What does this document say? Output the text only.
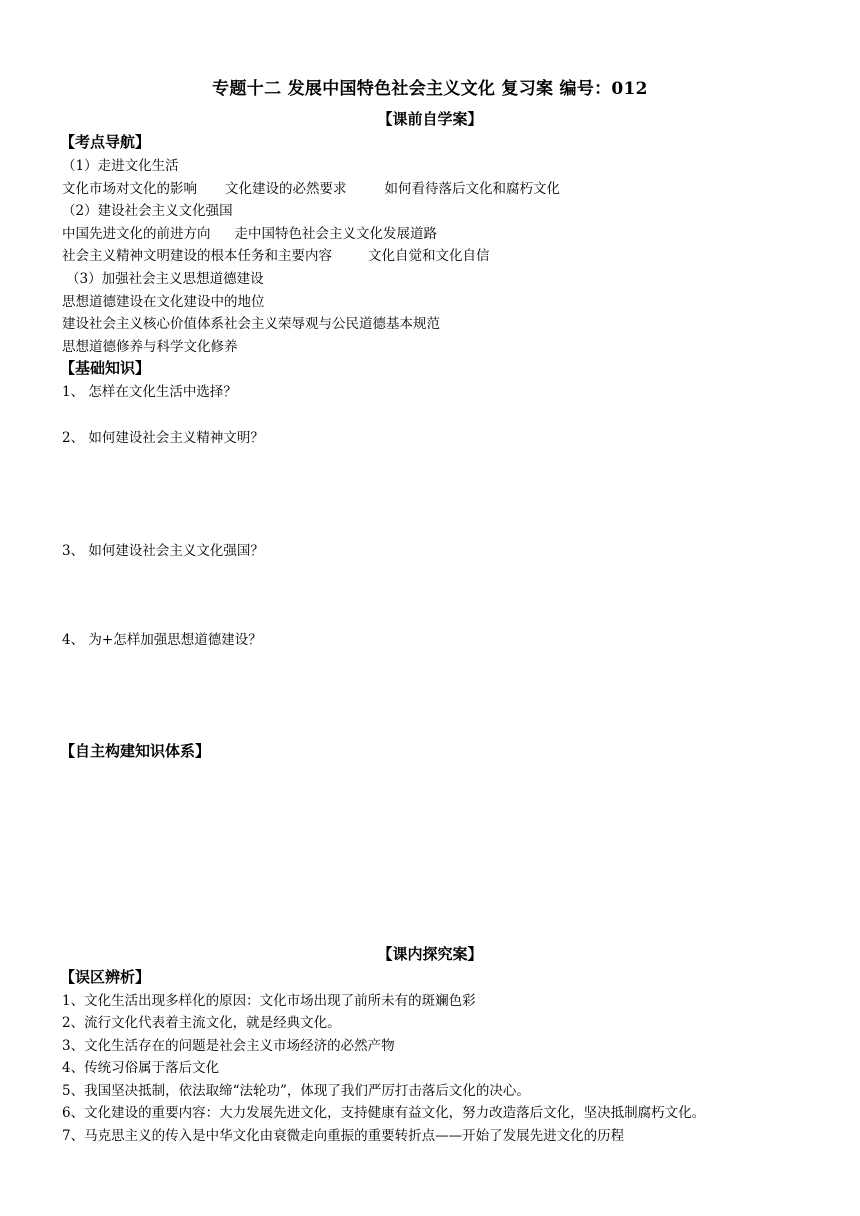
专题十二 发展中国特色社会主义文化 复习案 编号：012
【课前自学案】
【考点导航】
（1）走进文化生活
文化市场对文化的影响 文化建设的必然要求	如何看待落后文化和腐朽文化
（2）建设社会主义文化强国
中国先进文化的前进方向 走中国特色社会主义文化发展道路
社会主义精神文明建设的根本任务和主要内容	文化自觉和文化自信
（3）加强社会主义思想道德建设
思想道德建设在文化建设中的地位
建设社会主义核心价值体系社会主义荣辱观与公民道德基本规范
思想道德修养与科学文化修养
【基础知识】
1、 怎样在文化生活中选择？
2、 如何建设社会主义精神文明？
3、 如何建设社会主义文化强国？
4、 为+怎样加强思想道德建设？
【自主构建知识体系】
【课内探究案】
【误区辨析】
1、文化生活出现多样化的原因：文化市场出现了前所未有的斑斓色彩
2、流行文化代表着主流文化，就是经典文化。
3、文化生活存在的问题是社会主义市场经济的必然产物
4、传统习俗属于落后文化
5、我国坚决抵制，依法取缔“法轮功”，体现了我们严厉打击落后文化的决心。
6、文化建设的重要内容：大力发展先进文化，支持健康有益文化，努力改造落后文化，坚决抵制腐朽文化。
7、马克思主义的传入是中华文化由衰微走向重振的重要转折点——开始了发展先进文化的历程
